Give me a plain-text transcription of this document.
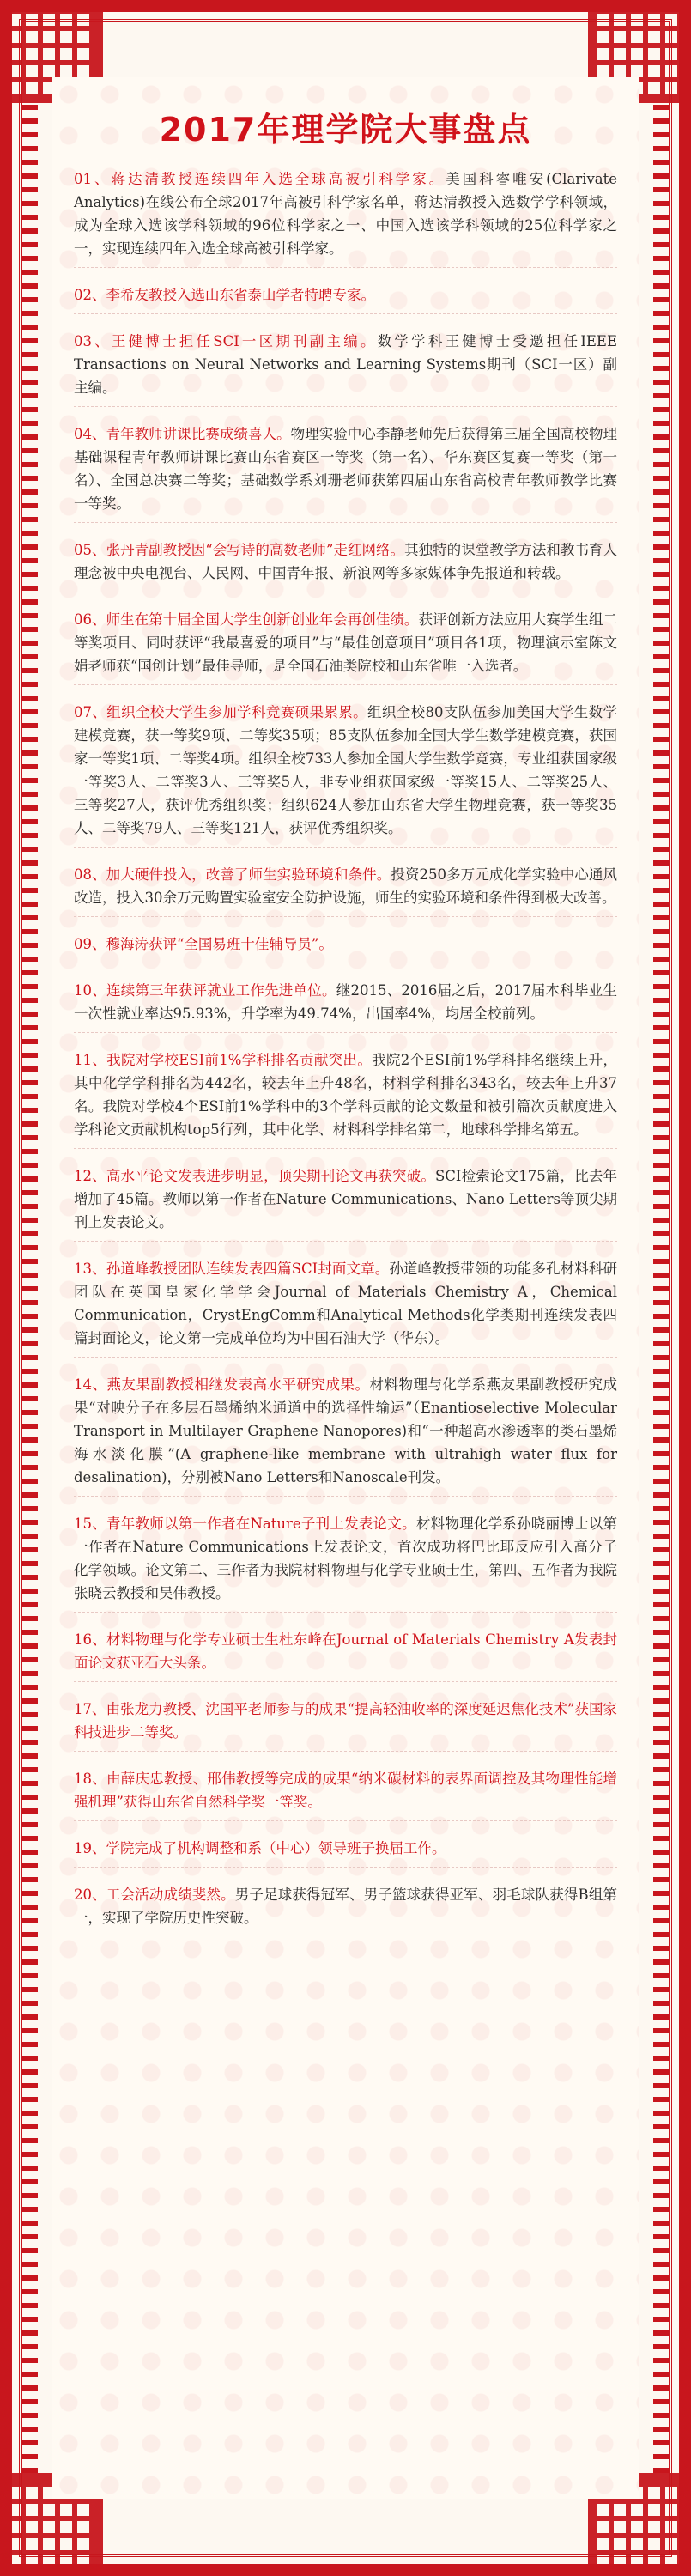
2017年理学院大事盘点
01、蒋达清教授连续四年入选全球高被引科学家。美国科睿唯安(Clarivate Analytics)在线公布全球2017年高被引科学家名单，蒋达清教授入选数学学科领域，成为全球入选该学科领域的96位科学家之一、中国入选该学科领域的25位科学家之一，实现连续四年入选全球高被引科学家。
02、李希友教授入选山东省泰山学者特聘专家。
03、王健博士担任SCI一区期刊副主编。数学学科王健博士受邀担任IEEE Transactions on Neural Networks and Learning Systems期刊（SCI一区）副主编。
04、青年教师讲课比赛成绩喜人。物理实验中心李静老师先后获得第三届全国高校物理基础课程青年教师讲课比赛山东省赛区一等奖（第一名）、华东赛区复赛一等奖（第一名）、全国总决赛二等奖；基础数学系刘珊老师获第四届山东省高校青年教师教学比赛一等奖。
05、张丹青副教授因“会写诗的高数老师”走红网络。其独特的课堂教学方法和教书育人理念被中央电视台、人民网、中国青年报、新浪网等多家媒体争先报道和转载。
06、师生在第十届全国大学生创新创业年会再创佳绩。获评创新方法应用大赛学生组二等奖项目、同时获评“我最喜爱的项目”与“最佳创意项目”项目各1项，物理演示室陈文娟老师获“国创计划”最佳导师，是全国石油类院校和山东省唯一入选者。
07、组织全校大学生参加学科竞赛硕果累累。组织全校80支队伍参加美国大学生数学建模竞赛，获一等奖9项、二等奖35项；85支队伍参加全国大学生数学建模竞赛，获国家一等奖1项、二等奖4项。组织全校733人参加全国大学生数学竞赛，专业组获国家级一等奖3人、二等奖3人、三等奖5人，非专业组获国家级一等奖15人、二等奖25人、三等奖27人，获评优秀组织奖；组织624人参加山东省大学生物理竞赛，获一等奖35人、二等奖79人、三等奖121人，获评优秀组织奖。
08、加大硬件投入，改善了师生实验环境和条件。投资250多万元成化学实验中心通风改造，投入30余万元购置实验室安全防护设施，师生的实验环境和条件得到极大改善。
09、穆海涛获评“全国易班十佳辅导员”。
10、连续第三年获评就业工作先进单位。继2015、2016届之后，2017届本科毕业生一次性就业率达95.93%，升学率为49.74%，出国率4%，均居全校前列。
11、我院对学校ESI前1%学科排名贡献突出。我院2个ESI前1%学科排名继续上升，其中化学学科排名为442名，较去年上升48名，材料学科排名343名，较去年上升37名。我院对学校4个ESI前1%学科中的3个学科贡献的论文数量和被引篇次贡献度进入学科论文贡献机构top5行列，其中化学、材料科学排名第二，地球科学排名第五。
12、高水平论文发表进步明显，顶尖期刊论文再获突破。SCI检索论文175篇，比去年增加了45篇。教师以第一作者在Nature Communications、Nano Letters等顶尖期刊上发表论文。
13、孙道峰教授团队连续发表四篇SCI封面文章。孙道峰教授带领的功能多孔材料科研团队在英国皇家化学学会Journal of Materials Chemistry A，Chemical Communication，CrystEngComm和Analytical Methods化学类期刊连续发表四篇封面论文，论文第一完成单位均为中国石油大学（华东）。
14、燕友果副教授相继发表高水平研究成果。材料物理与化学系燕友果副教授研究成果“对映分子在多层石墨烯纳米通道中的选择性输运”（Enantioselective Molecular Transport in Multilayer Graphene Nanopores)和“一种超高水渗透率的类石墨烯海水淡化膜”(A graphene-like membrane with ultrahigh water flux for desalination)，分别被Nano Letters和Nanoscale刊发。
15、青年教师以第一作者在Nature子刊上发表论文。材料物理化学系孙晓丽博士以第一作者在Nature Communications上发表论文，首次成功将巴比耶反应引入高分子化学领域。论文第二、三作者为我院材料物理与化学专业硕士生，第四、五作者为我院张晓云教授和吴伟教授。
16、材料物理与化学专业硕士生杜东峰在Journal of Materials Chemistry A发表封面论文获亚石大头条。
17、由张龙力教授、沈国平老师参与的成果“提高轻油收率的深度延迟焦化技术”获国家科技进步二等奖。
18、由薛庆忠教授、邢伟教授等完成的成果“纳米碳材料的表界面调控及其物理性能增强机理”获得山东省自然科学奖一等奖。
19、学院完成了机构调整和系（中心）领导班子换届工作。
20、工会活动成绩斐然。男子足球获得冠军、男子篮球获得亚军、羽毛球队获得B组第一，实现了学院历史性突破。
